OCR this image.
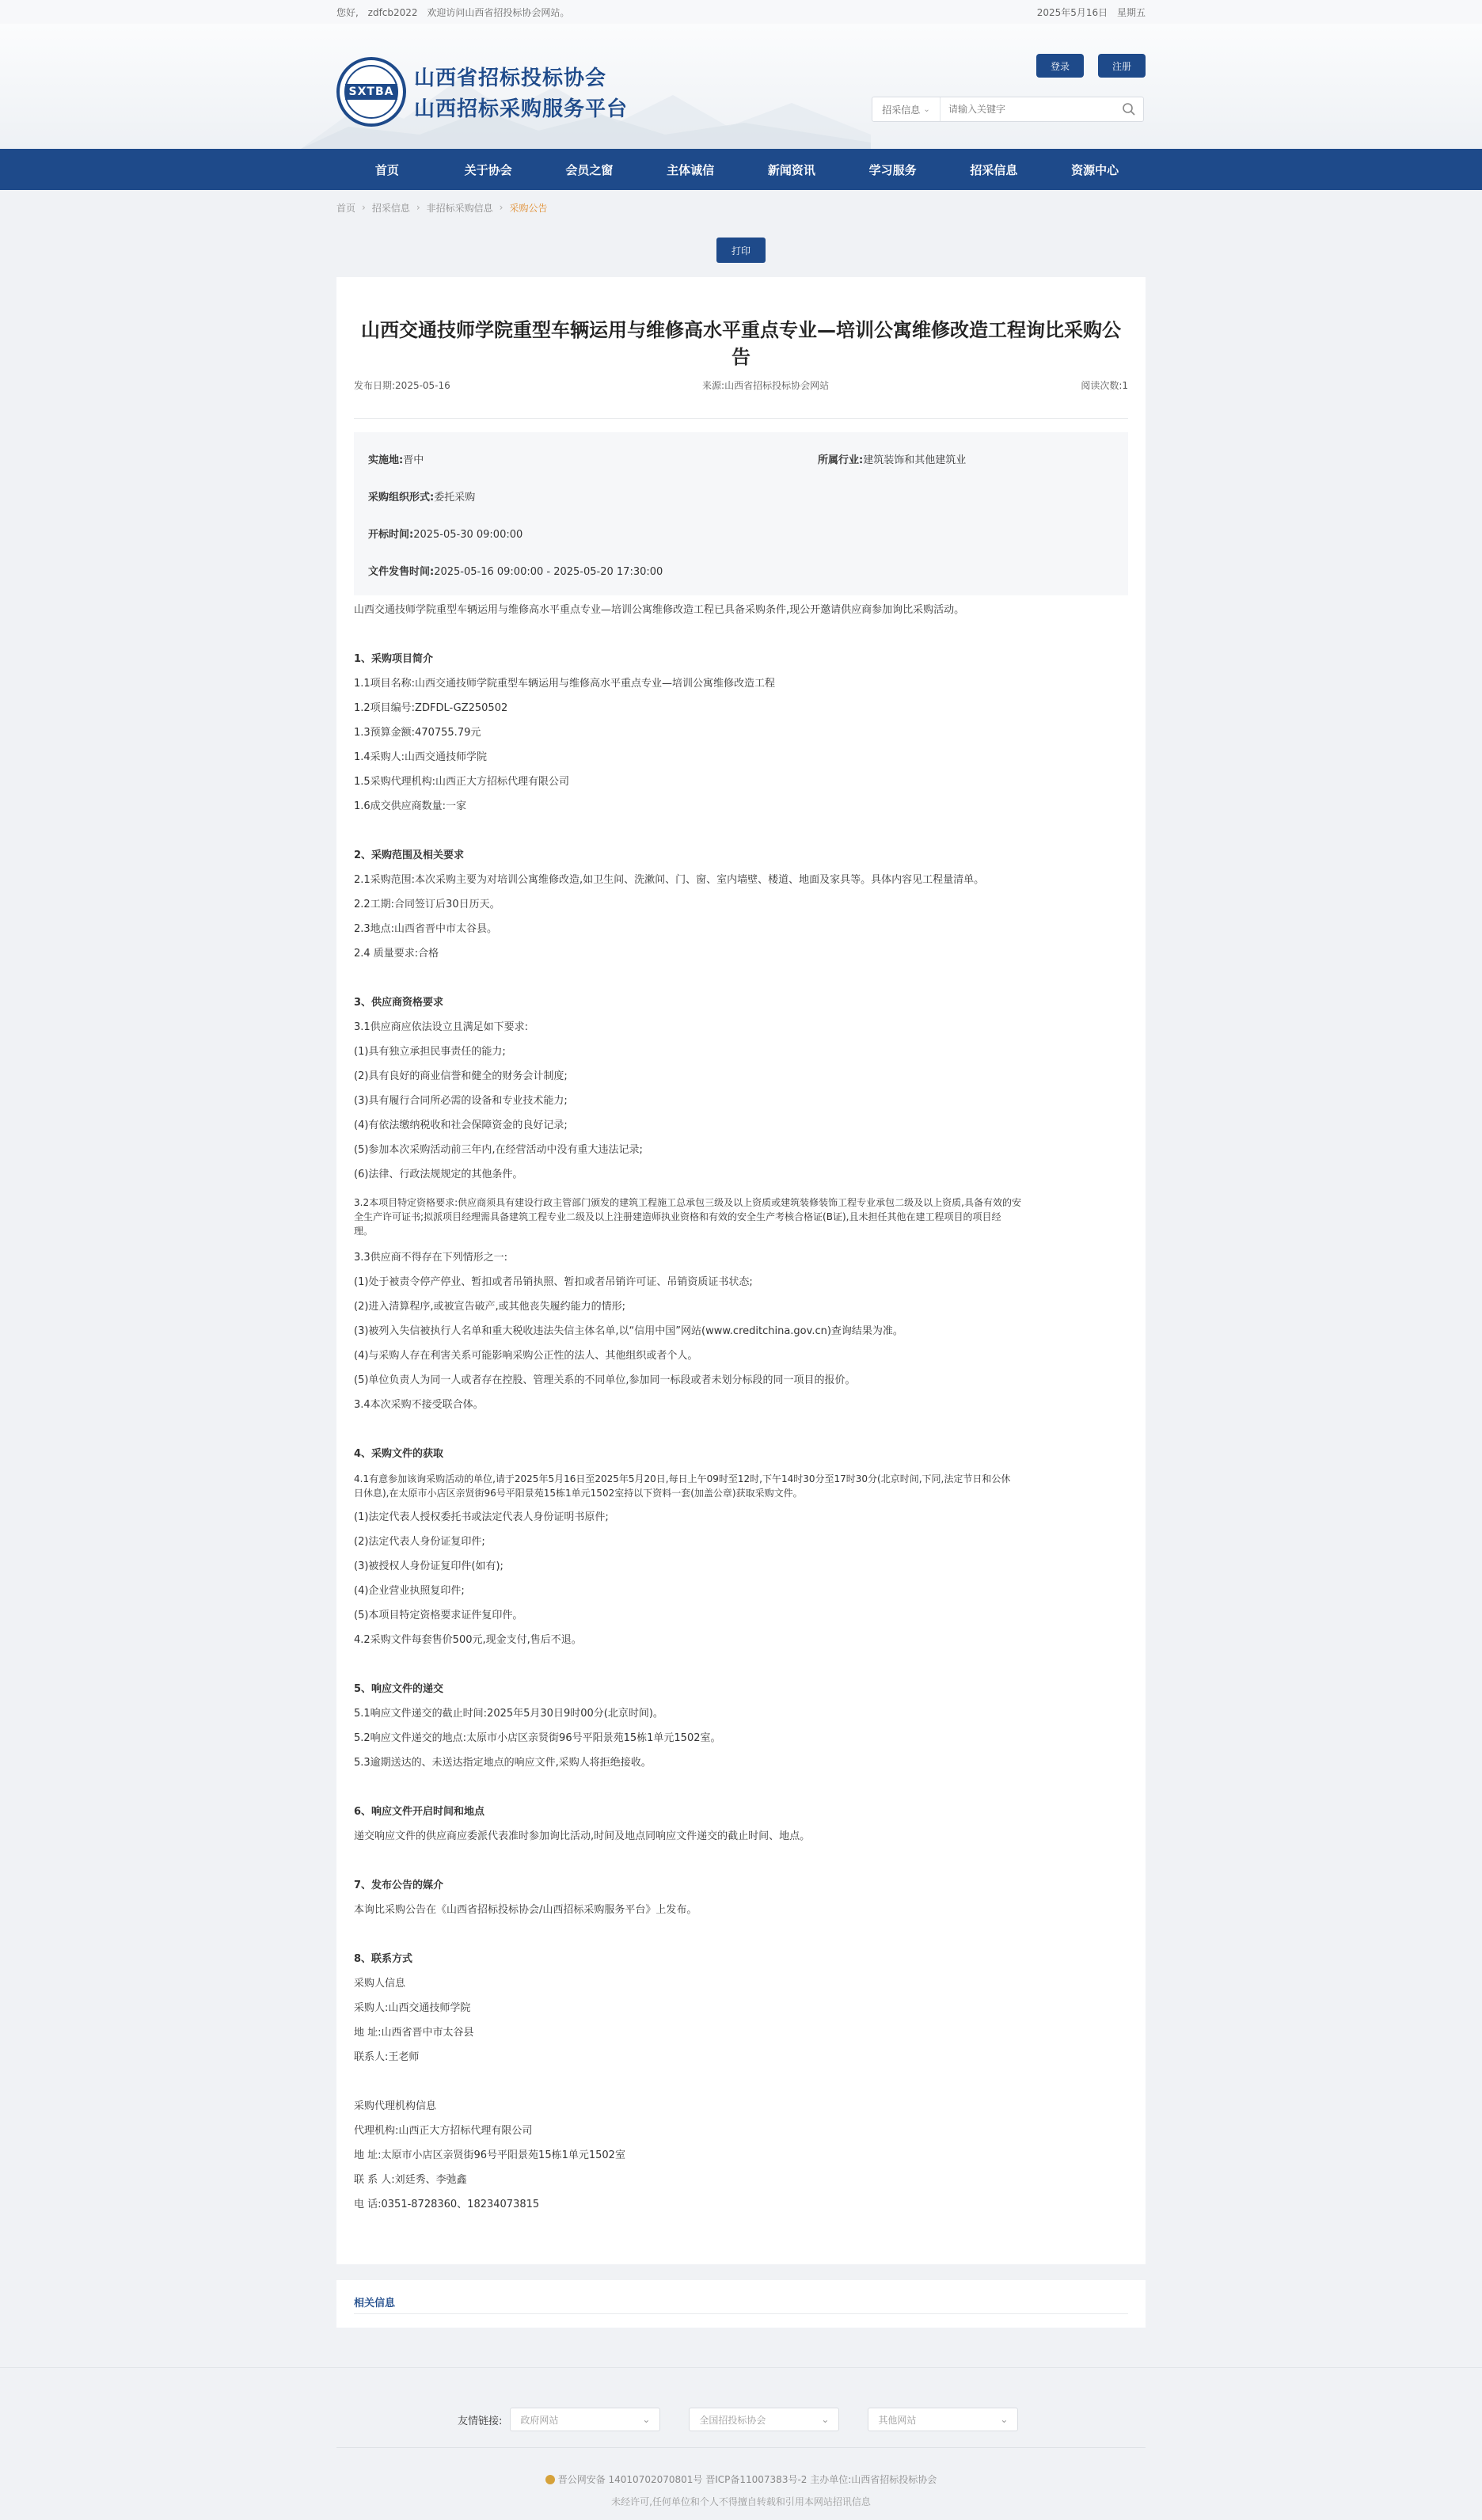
您好, zdfcb2022 欢迎访问山西省招投标协会网站。	2025年5月16日 星期五
SXTBA
山西省招标投标协会
山西招标采购服务平台
登录	注册
招采信息 ⌄
请输入关键字
首页	关于协会	会员之窗	主体诚信	新闻资讯	学习服务	招采信息	资源中心
首页 › 招采信息 › 非招标采购信息 › 采购公告
打印
山西交通技师学院重型车辆运用与维修高水平重点专业—培训公寓维修改造工程询比采购公告
发布日期:2025-05-16	来源:山西省招标投标协会网站	阅读次数:1
实施地:晋中	所属行业:建筑装饰和其他建筑业
采购组织形式:委托采购
开标时间:2025-05-30 09:00:00
文件发售时间:2025-05-16 09:00:00 - 2025-05-20 17:30:00
山西交通技师学院重型车辆运用与维修高水平重点专业—培训公寓维修改造工程已具备采购条件,现公开邀请供应商参加询比采购活动。
1、采购项目简介
1.1项目名称:山西交通技师学院重型车辆运用与维修高水平重点专业—培训公寓维修改造工程
1.2项目编号:ZDFDL-GZ250502
1.3预算金额:470755.79元
1.4采购人:山西交通技师学院
1.5采购代理机构:山西正大方招标代理有限公司
1.6成交供应商数量:一家
2、采购范围及相关要求
2.1采购范围:本次采购主要为对培训公寓维修改造,如卫生间、洗漱间、门、窗、室内墙壁、楼道、地面及家具等。具体内容见工程量清单。
2.2工期:合同签订后30日历天。
2.3地点:山西省晋中市太谷县。
2.4 质量要求:合格
3、供应商资格要求
3.1供应商应依法设立且满足如下要求:
(1)具有独立承担民事责任的能力;
(2)具有良好的商业信誉和健全的财务会计制度;
(3)具有履行合同所必需的设备和专业技术能力;
(4)有依法缴纳税收和社会保障资金的良好记录;
(5)参加本次采购活动前三年内,在经营活动中没有重大违法记录;
(6)法律、行政法规规定的其他条件。
3.2本项目特定资格要求:供应商须具有建设行政主管部门颁发的建筑工程施工总承包三级及以上资质或建筑装修装饰工程专业承包二级及以上资质,具备有效的安
全生产许可证书;拟派项目经理需具备建筑工程专业二级及以上注册建造师执业资格和有效的安全生产考核合格证(B证),且未担任其他在建工程项目的项目经
理。
3.3供应商不得存在下列情形之一:
(1)处于被责令停产停业、暂扣或者吊销执照、暂扣或者吊销许可证、吊销资质证书状态;
(2)进入清算程序,或被宣告破产,或其他丧失履约能力的情形;
(3)被列入失信被执行人名单和重大税收违法失信主体名单,以“信用中国”网站(www.creditchina.gov.cn)查询结果为准。
(4)与采购人存在利害关系可能影响采购公正性的法人、其他组织或者个人。
(5)单位负责人为同一人或者存在控股、管理关系的不同单位,参加同一标段或者未划分标段的同一项目的报价。
3.4本次采购不接受联合体。
4、采购文件的获取
4.1有意参加该询采购活动的单位,请于2025年5月16日至2025年5月20日,每日上午09时至12时,下午14时30分至17时30分(北京时间,下同,法定节日和公休
日休息),在太原市小店区亲贤街96号平阳景苑15栋1单元1502室持以下资料一套(加盖公章)获取采购文件。
(1)法定代表人授权委托书或法定代表人身份证明书原件;
(2)法定代表人身份证复印件;
(3)被授权人身份证复印件(如有);
(4)企业营业执照复印件;
(5)本项目特定资格要求证件复印件。
4.2采购文件每套售价500元,现金支付,售后不退。
5、响应文件的递交
5.1响应文件递交的截止时间:2025年5月30日9时00分(北京时间)。
5.2响应文件递交的地点:太原市小店区亲贤街96号平阳景苑15栋1单元1502室。
5.3逾期送达的、未送达指定地点的响应文件,采购人将拒绝接收。
6、响应文件开启时间和地点
递交响应文件的供应商应委派代表准时参加询比活动,时间及地点同响应文件递交的截止时间、地点。
7、发布公告的媒介
本询比采购公告在《山西省招标投标协会/山西招标采购服务平台》上发布。
8、联系方式
采购人信息
采购人:山西交通技师学院
地 址:山西省晋中市太谷县
联系人:王老师
采购代理机构信息
代理机构:山西正大方招标代理有限公司
地 址:太原市小店区亲贤街96号平阳景苑15栋1单元1502室
联 系 人:刘廷秀、李弛鑫
电 话:0351-8728360、18234073815
相关信息
友情链接: 政府网站	⌄	全国招投标协会	⌄	其他网站	⌄
晋公网安备 14010702070801号 晋ICP备11007383号-2 主办单位:山西省招标投标协会
未经许可,任何单位和个人不得擅自转载和引用本网站招讯信息
